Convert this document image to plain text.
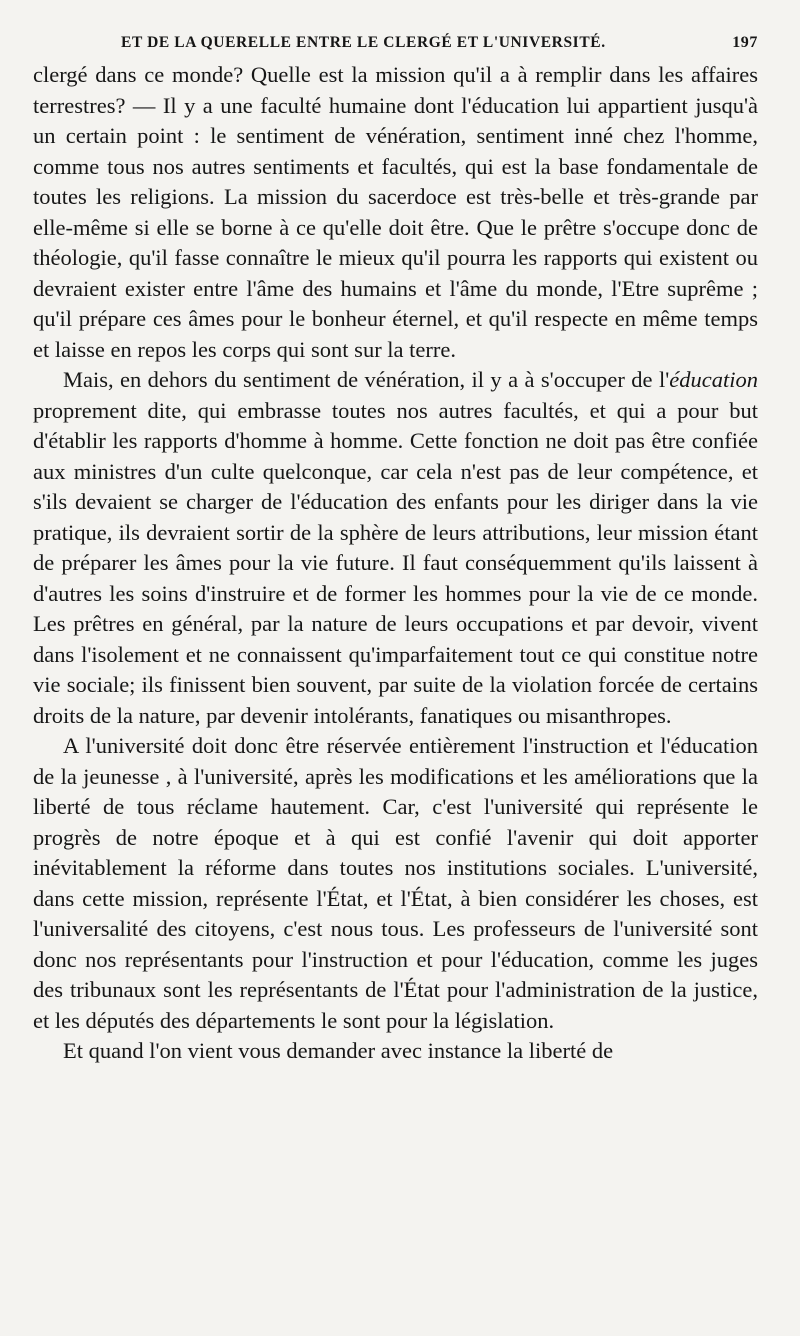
ET DE LA QUERELLE ENTRE LE CLERGÉ ET L'UNIVERSITÉ.	197

clergé dans ce monde? Quelle est la mission qu'il a à remplir dans les affaires terrestres? — Il y a une faculté humaine dont l'éducation lui appartient jusqu'à un certain point : le sentiment de vénération, sentiment inné chez l'homme, comme tous nos autres sentiments et facultés, qui est la base fondamentale de toutes les religions. La mission du sacerdoce est très-belle et très-grande par elle-même si elle se borne à ce qu'elle doit être. Que le prêtre s'occupe donc de théologie, qu'il fasse connaître le mieux qu'il pourra les rapports qui existent ou devraient exister entre l'âme des humains et l'âme du monde, l'Etre suprême ; qu'il prépare ces âmes pour le bonheur éternel, et qu'il respecte en même temps et laisse en repos les corps qui sont sur la terre.

Mais, en dehors du sentiment de vénération, il y a à s'occuper de l'éducation proprement dite, qui embrasse toutes nos autres facultés, et qui a pour but d'établir les rapports d'homme à homme. Cette fonction ne doit pas être confiée aux ministres d'un culte quelconque, car cela n'est pas de leur compétence, et s'ils devaient se charger de l'éducation des enfants pour les diriger dans la vie pratique, ils devraient sortir de la sphère de leurs attributions, leur mission étant de préparer les âmes pour la vie future. Il faut conséquemment qu'ils laissent à d'autres les soins d'instruire et de former les hommes pour la vie de ce monde. Les prêtres en général, par la nature de leurs occupations et par devoir, vivent dans l'isolement et ne connaissent qu'imparfaitement tout ce qui constitue notre vie sociale; ils finissent bien souvent, par suite de la violation forcée de certains droits de la nature, par devenir intolérants, fanatiques ou misanthropes.

A l'université doit donc être réservée entièrement l'instruction et l'éducation de la jeunesse , à l'université, après les modifications et les améliorations que la liberté de tous réclame hautement. Car, c'est l'université qui représente le progrès de notre époque et à qui est confié l'avenir qui doit apporter inévitablement la réforme dans toutes nos institutions sociales. L'université, dans cette mission, représente l'État, et l'État, à bien considérer les choses, est l'universalité des citoyens, c'est nous tous. Les professeurs de l'université sont donc nos représentants pour l'instruction et pour l'éducation, comme les juges des tribunaux sont les représentants de l'État pour l'administration de la justice, et les députés des départements le sont pour la législation.

Et quand l'on vient vous demander avec instance la liberté de
